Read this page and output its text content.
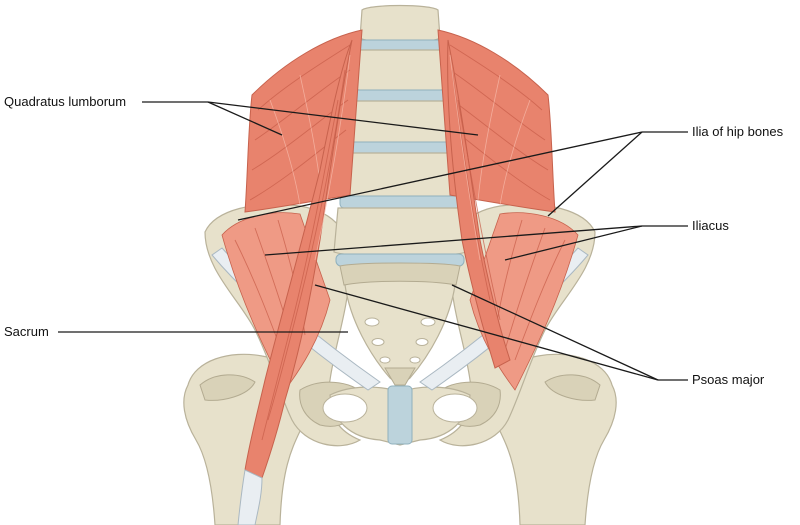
Quadratus lumborum
Ilia of hip bones
Iliacus
Sacrum
Psoas major
